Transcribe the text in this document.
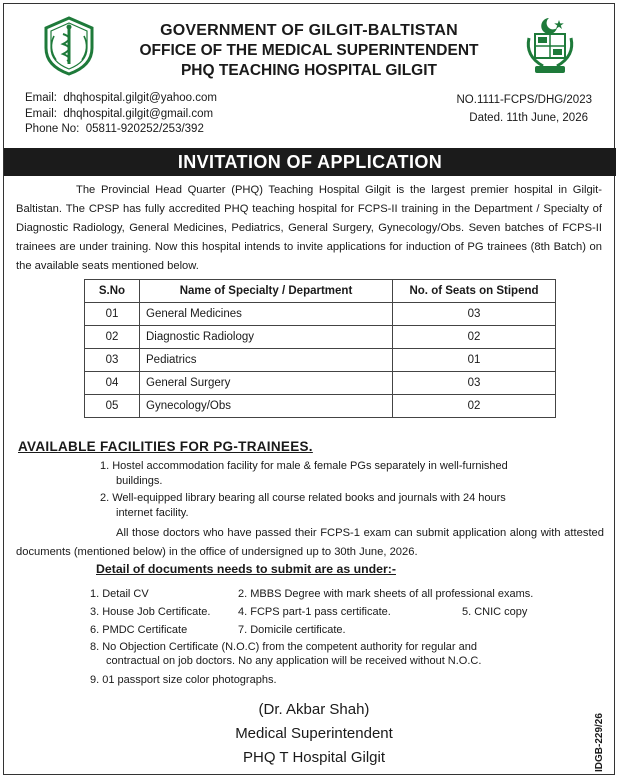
GOVERNMENT OF GILGIT-BALTISTAN
OFFICE OF THE MEDICAL SUPERINTENDENT
PHQ TEACHING HOSPITAL GILGIT
Email: dhqhospital.gilgit@yahoo.com
Email: dhqhospital.gilgit@gmail.com
Phone No: 05811-920252/253/392
NO.1111-FCPS/DHG/2023
Dated. 11th June, 2026
INVITATION OF APPLICATION

The Provincial Head Quarter (PHQ) Teaching Hospital Gilgit is the largest premier hospital in Gilgit-Baltistan. The CPSP has fully accredited PHQ teaching hospital for FCPS-II training in the Department / Specialty of Diagnostic Radiology, General Medicines, Pediatrics, General Surgery, Gynecology/Obs. Seven batches of FCPS-II trainees are under training. Now this hospital intends to invite applications for induction of PG trainees (8th Batch) on the available seats mentioned below.

S.No	Name of Specialty / Department	No. of Seats on Stipend
01	General Medicines	03
02	Diagnostic Radiology	02
03	Pediatrics	01
04	General Surgery	03
05	Gynecology/Obs	02
AVAILABLE FACILITIES FOR PG-TRAINEES.
1. Hostel accommodation facility for male & female PGs separately in well-furnished
buildings.
2. Well-equipped library bearing all course related books and journals with 24 hours
internet facility.

All those doctors who have passed their FCPS-1 exam can submit application along with attested documents (mentioned below) in the office of undersigned up to 30th June, 2026.

Detail of documents needs to submit are as under:-
1. Detail CV	2. MBBS Degree with mark sheets of all professional exams.
3. House Job Certificate.	4. FCPS part-1 pass certificate.	5. CNIC copy
6. PMDC Certificate	7. Domicile certificate.
8. No Objection Certificate (N.O.C) from the competent authority for regular and
contractual on job doctors. No any application will be received without N.O.C.
9. 01 passport size color photographs.
(Dr. Akbar Shah)
Medical Superintendent
PHQ T Hospital Gilgit	IDGB-229/26
